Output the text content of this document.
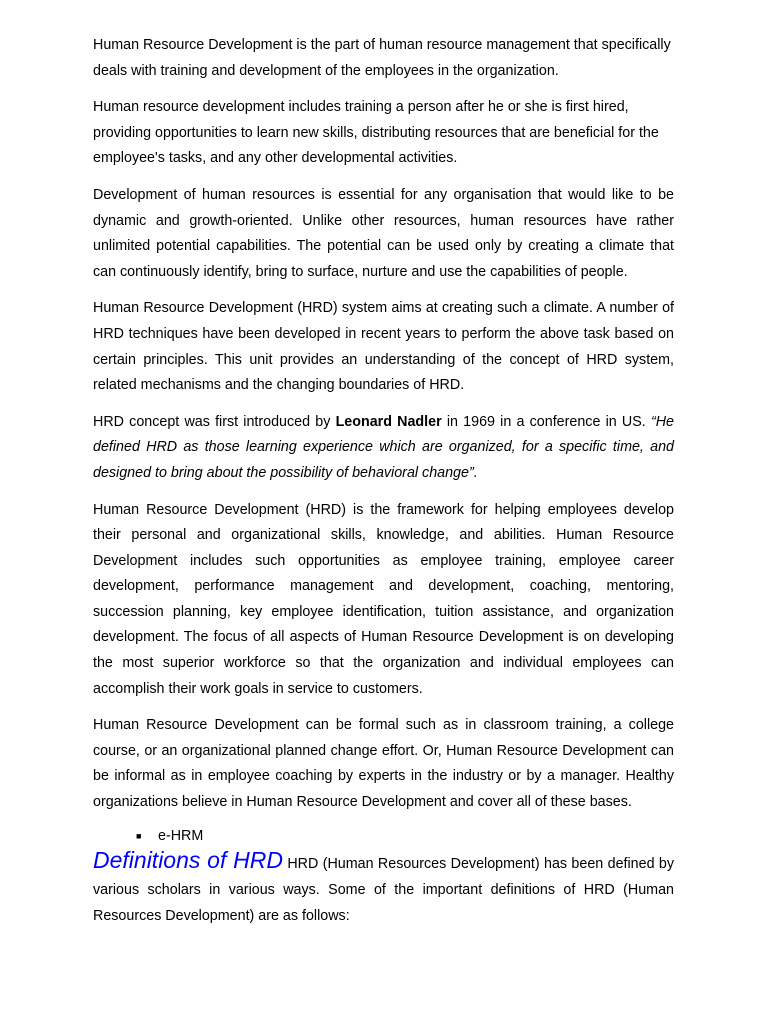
Human Resource Development is the part of human resource management that specifically deals with training and development of the employees in the organization.

Human resource development includes training a person after he or she is first hired, providing opportunities to learn new skills, distributing resources that are beneficial for the employee's tasks, and any other developmental activities.

Development of human resources is essential for any organisation that would like to be dynamic and growth-oriented. Unlike other resources, human resources have rather unlimited potential capabilities. The potential can be used only by creating a climate that can continuously identify, bring to surface, nurture and use the capabilities of people.

Human Resource Development (HRD) system aims at creating such a climate. A number of HRD techniques have been developed in recent years to perform the above task based on certain principles. This unit provides an understanding of the concept of HRD system, related mechanisms and the changing boundaries of HRD.

HRD concept was first introduced by Leonard Nadler in 1969 in a conference in US. “He defined HRD as those learning experience which are organized, for a specific time, and designed to bring about the possibility of behavioral change”.

Human Resource Development (HRD) is the framework for helping employees develop their personal and organizational skills, knowledge, and abilities. Human Resource Development includes such opportunities as employee training, employee career development, performance management and development, coaching, mentoring, succession planning, key employee identification, tuition assistance, and organization development. The focus of all aspects of Human Resource Development is on developing the most superior workforce so that the organization and individual employees can accomplish their work goals in service to customers.

Human Resource Development can be formal such as in classroom training, a college course, or an organizational planned change effort. Or, Human Resource Development can be informal as in employee coaching by experts in the industry or by a manager. Healthy organizations believe in Human Resource Development and cover all of these bases.

■ e-HRM

Definitions of HRD HRD (Human Resources Development) has been defined by various scholars in various ways. Some of the important definitions of HRD (Human Resources Development) are as follows:
